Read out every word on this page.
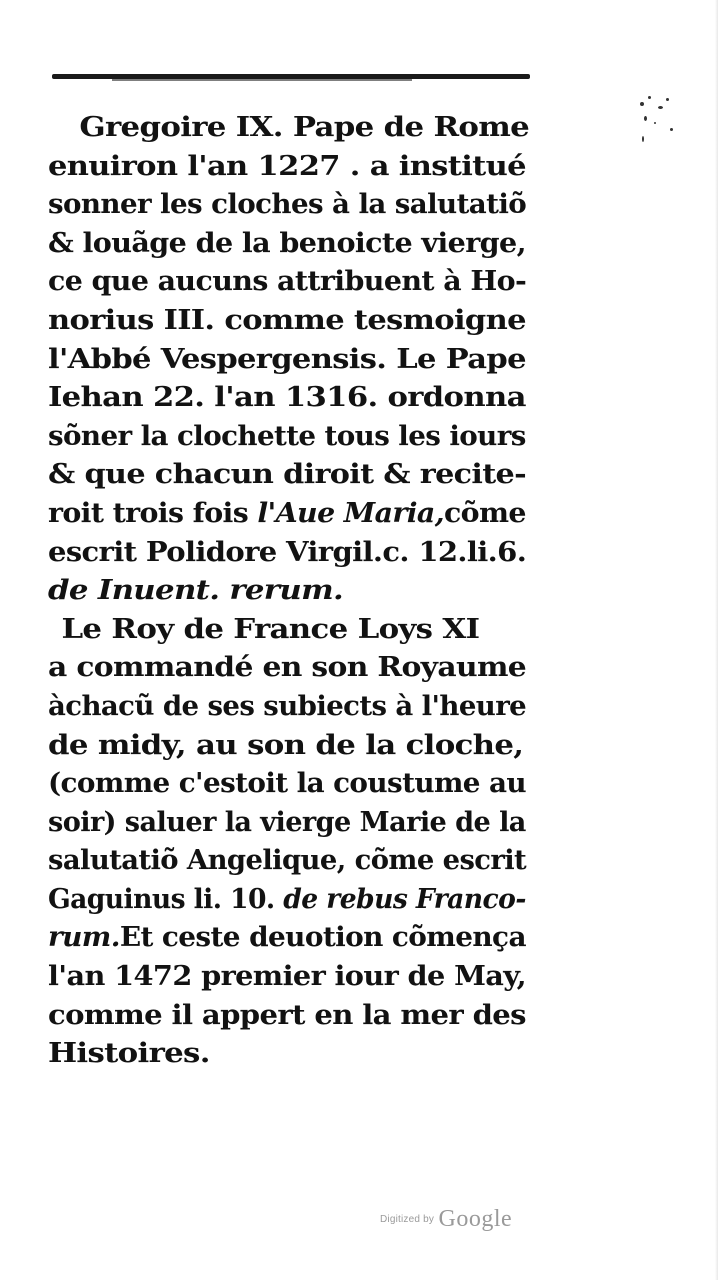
Gregoire IX. Pape de Rome
enuiron l'an 1227 . a institué
sonner les cloches à la salutatiõ
& louãge de la benoicte vierge,
ce que aucuns attribuent à Ho-
norius III. comme tesmoigne
l'Abbé Vespergensis. Le Pape
Iehan 22. l'an 1316. ordonna
sõner la clochette tous les iours
& que chacun diroit & recite-
roit trois fois l'Aue Maria,cõme
escrit Polidore Virgil.c. 12.li.6.
de Inuent. rerum.
Le Roy de France Loys XI
a commandé en son Royaume
àchacũ de ses subiects à l'heure
de midy, au son de la cloche,
(comme c'estoit la coustume au
soir) saluer la vierge Marie de la
salutatiõ Angelique, cõme escrit
Gaguinus li. 10. de rebus Franco-
rum.Et ceste deuotion cõmença
l'an 1472 premier iour de May,
comme il appert en la mer des
Histoires.
Digitized by Google
